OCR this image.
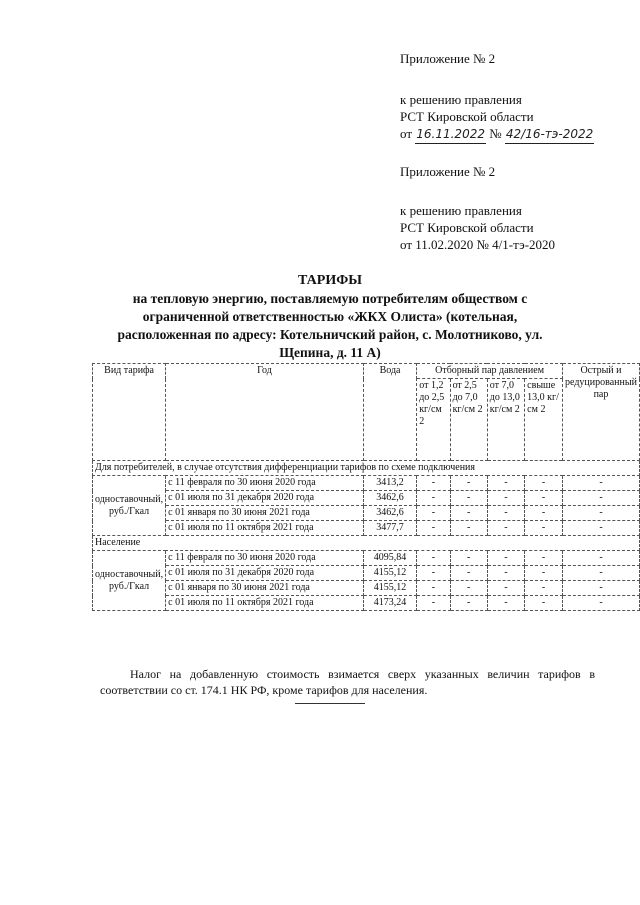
Приложение № 2
к решению правления
РСТ Кировской области
от 16.11.2022 № 42/16-тэ-2022
Приложение № 2
к решению правления
РСТ Кировской области
от 11.02.2020 № 4/1-тэ-2020
ТАРИФЫ
на тепловую энергию, поставляемую потребителям обществом с
ограниченной ответственностью «ЖКХ Олиста» (котельная,
расположенная по адресу: Котельничский район, с. Молотниково, ул.
Щепина, д. 11 А)
Вид тарифа	Год	Вода	Отборный пар давлением				Острый и редуцированный пар
			от 1,2 до 2,5 кг/см 2	от 2,5 до 7,0 кг/см 2	от 7,0 до 13,0 кг/см 2	свыше 13,0 кг/см 2	
Для потребителей, в случае отсутствия дифференциации тарифов по схеме подключения							
одноставочный, руб./Гкал	с 11 февраля по 30 июня 2020 года	3413,2	-	-	-	-	-
	с 01 июля по 31 декабря 2020 года	3462,6	-	-	-	-	-
	с 01 января по 30 июня 2021 года	3462,6	-	-	-	-	-
	с 01 июля по 11 октября 2021 года	3477,7	-	-	-	-	-
Население							
одноставочный, руб./Гкал	с 11 февраля по 30 июня 2020 года	4095,84	-	-	-	-	-
	с 01 июля по 31 декабря 2020 года	4155,12	-	-	-	-	-
	с 01 января по 30 июня 2021 года	4155,12	-	-	-	-	-
	с 01 июля по 11 октября 2021 года	4173,24	-	-	-	-	-
Налог на добавленную стоимость взимается сверх указанных величин тарифов в соответствии со ст. 174.1 НК РФ, кроме тарифов для населения.
